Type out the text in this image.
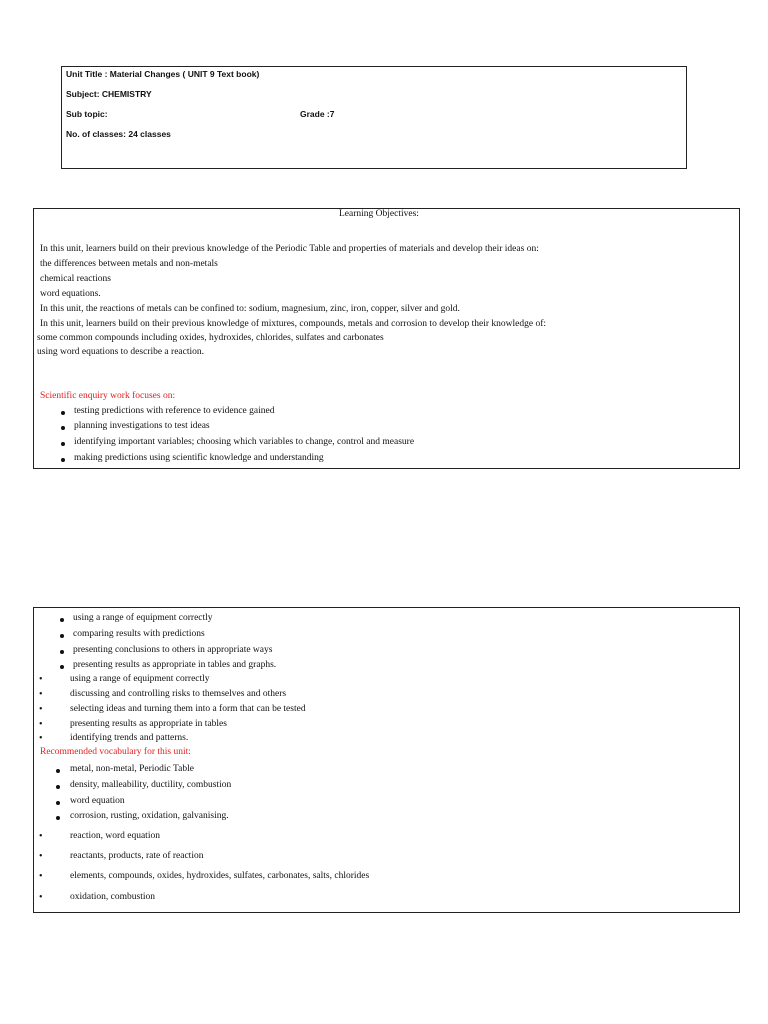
Unit Title : Material Changes ( UNIT 9 Text book)
Subject: CHEMISTRY
Sub topic:	Grade :7
No. of classes: 24 classes
Learning Objectives:
In this unit, learners build on their previous knowledge of the Periodic Table and properties of materials and develop their ideas on:
the differences between metals and non-metals
chemical reactions
word equations.
In this unit, the reactions of metals can be confined to: sodium, magnesium, zinc, iron, copper, silver and gold.
In this unit, learners build on their previous knowledge of mixtures, compounds, metals and corrosion to develop their knowledge of:
some common compounds including oxides, hydroxides, chlorides, sulfates and carbonates
using word equations to describe a reaction.
Scientific enquiry work focuses on:
testing predictions with reference to evidence gained
planning investigations to test ideas
identifying important variables; choosing which variables to change, control and measure
making predictions using scientific knowledge and understanding
using a range of equipment correctly
comparing results with predictions
presenting conclusions to others in appropriate ways
presenting results as appropriate in tables and graphs.
•	using a range of equipment correctly
•	discussing and controlling risks to themselves and others
•	selecting ideas and turning them into a form that can be tested
•	presenting results as appropriate in tables
•	identifying trends and patterns.
Recommended vocabulary for this unit:
metal, non-metal, Periodic Table
density, malleability, ductility, combustion
word equation
corrosion, rusting, oxidation, galvanising.
•	reaction, word equation
•	reactants, products, rate of reaction
•	elements, compounds, oxides, hydroxides, sulfates, carbonates, salts, chlorides
•	oxidation, combustion
